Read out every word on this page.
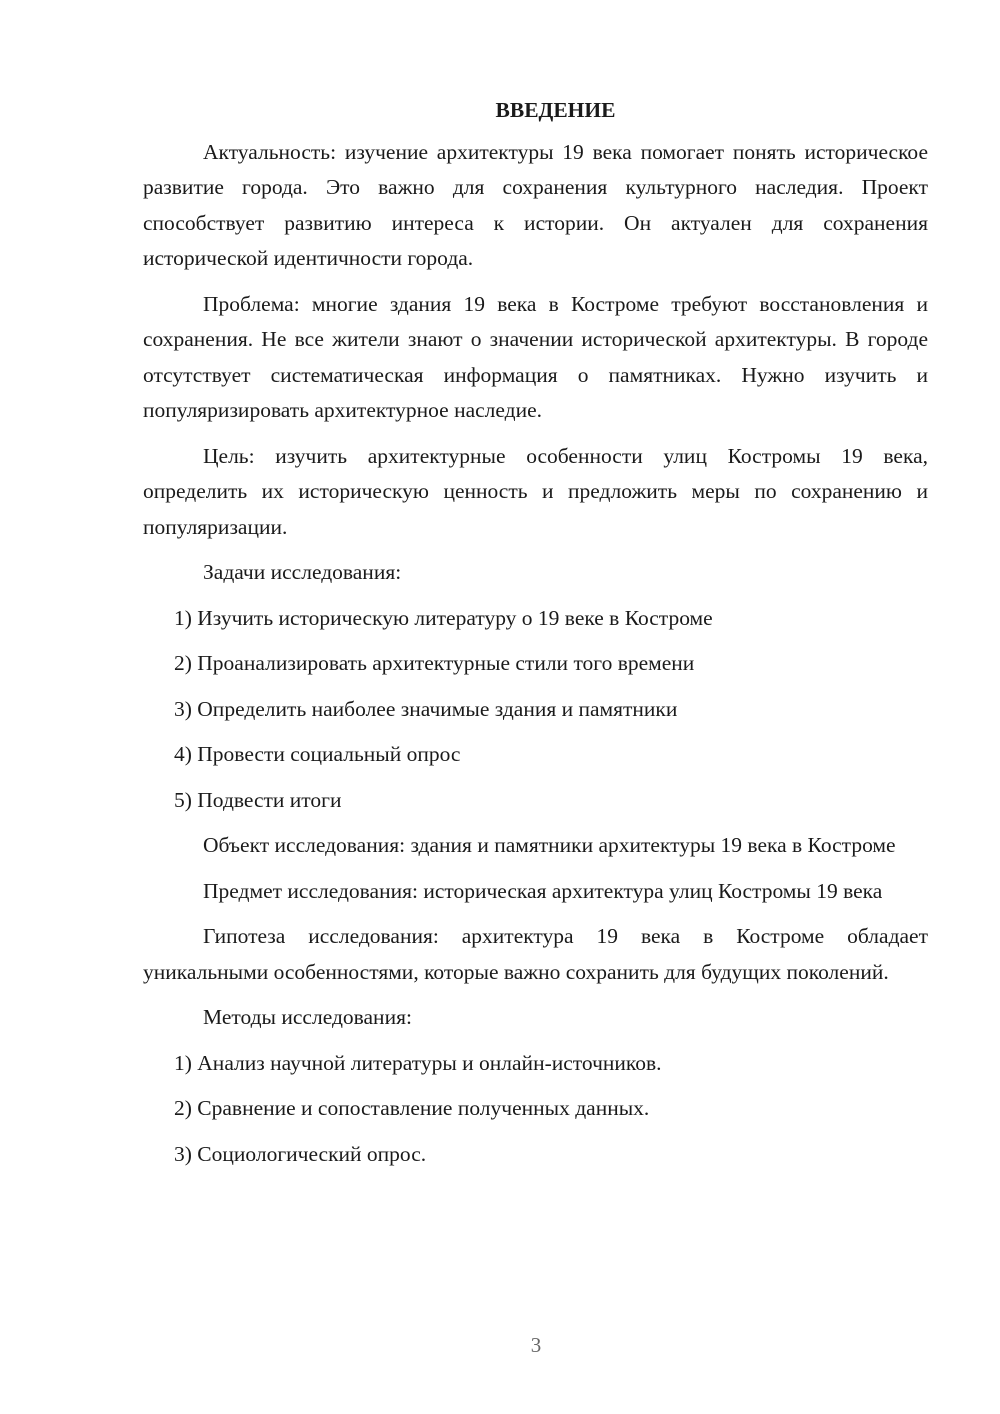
ВВЕДЕНИЕ

Актуальность: изучение архитектуры 19 века помогает понять историческое развитие города. Это важно для сохранения культурного наследия. Проект способствует развитию интереса к истории. Он актуален для сохранения исторической идентичности города.

Проблема: многие здания 19 века в Костроме требуют восстановления и сохранения. Не все жители знают о значении исторической архитектуры. В городе отсутствует систематическая информация о памятниках. Нужно изучить и популяризировать архитектурное наследие.

Цель: изучить архитектурные особенности улиц Костромы 19 века, определить их историческую ценность и предложить меры по сохранению и популяризации.

Задачи исследования:

1) Изучить историческую литературу о 19 веке в Костроме
2) Проанализировать архитектурные стили того времени
3) Определить наиболее значимые здания и памятники
4) Провести социальный опрос
5) Подвести итоги

Объект исследования: здания и памятники архитектуры 19 века в Костроме

Предмет исследования: историческая архитектура улиц Костромы 19 века

Гипотеза исследования: архитектура 19 века в Костроме обладает уникальными особенностями, которые важно сохранить для будущих поколений.

Методы исследования:

1) Анализ научной литературы и онлайн-источников.
2) Сравнение и сопоставление полученных данных.
3) Социологический опрос.
3
